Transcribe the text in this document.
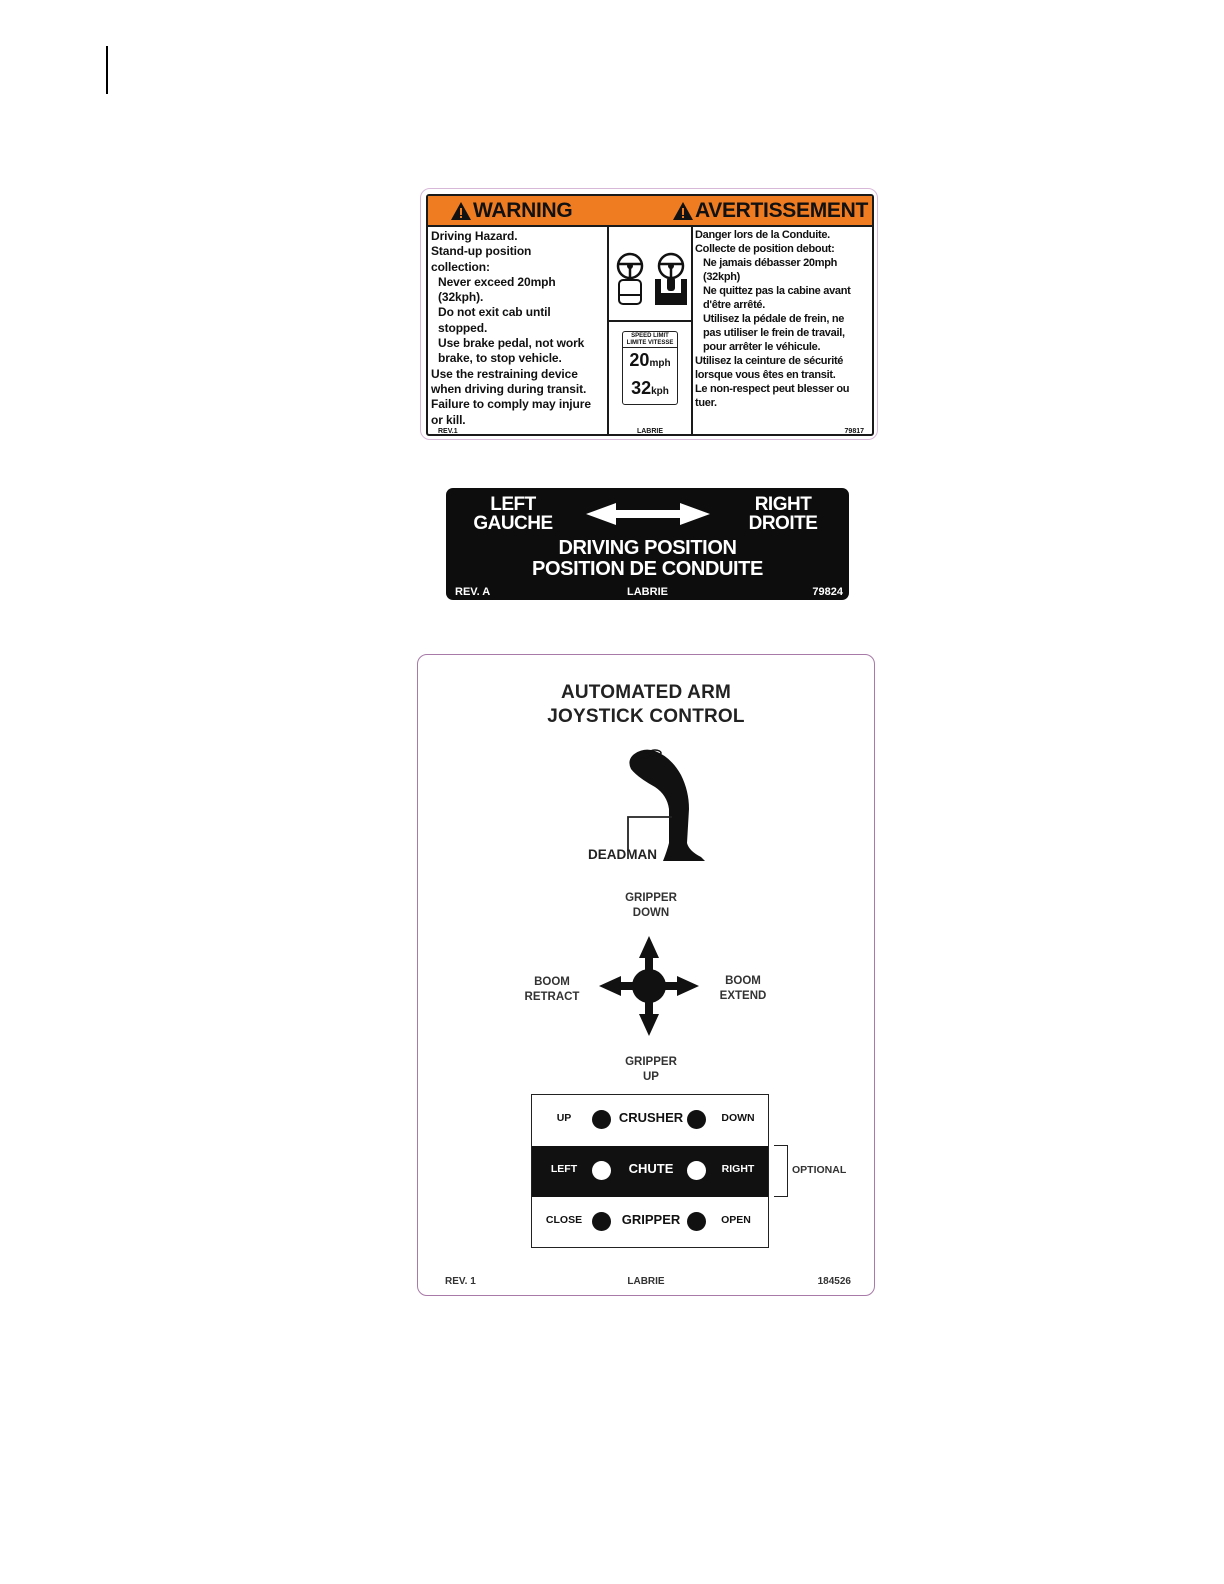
WARNING	AVERTISSEMENT
Driving Hazard.
Stand-up position
collection:
Never exceed 20mph
(32kph).
Do not exit cab until
stopped.
Use brake pedal, not work
brake, to stop vehicle.
Use the restraining device
when driving during transit.
Failure to comply may injure
or kill.
REV.1
SPEED LIMIT
LIMITE VITESSE
20mph
32kph
LABRIE
Danger lors de la Conduite.
Collecte de position debout:
Ne jamais débasser 20mph
(32kph)
Ne quittez pas la cabine avant
d'être arrêté.
Utilisez la pédale de frein, ne
pas utiliser le frein de travail,
pour arrêter le véhicule.
Utilisez la ceinture de sécurité
lorsque vous êtes en transit.
Le non-respect peut blesser ou
tuer.
79817
LEFT
GAUCHE
RIGHT
DROITE
DRIVING POSITION
POSITION DE CONDUITE
REV. A	LABRIE	79824
AUTOMATED ARM
JOYSTICK CONTROL
DEADMAN
GRIPPER
DOWN
BOOM
RETRACT
BOOM
EXTEND
GRIPPER
UP
UP	CRUSHER	DOWN
LEFT	CHUTE	RIGHT
CLOSE	GRIPPER	OPEN
OPTIONAL
REV. 1	LABRIE	184526
